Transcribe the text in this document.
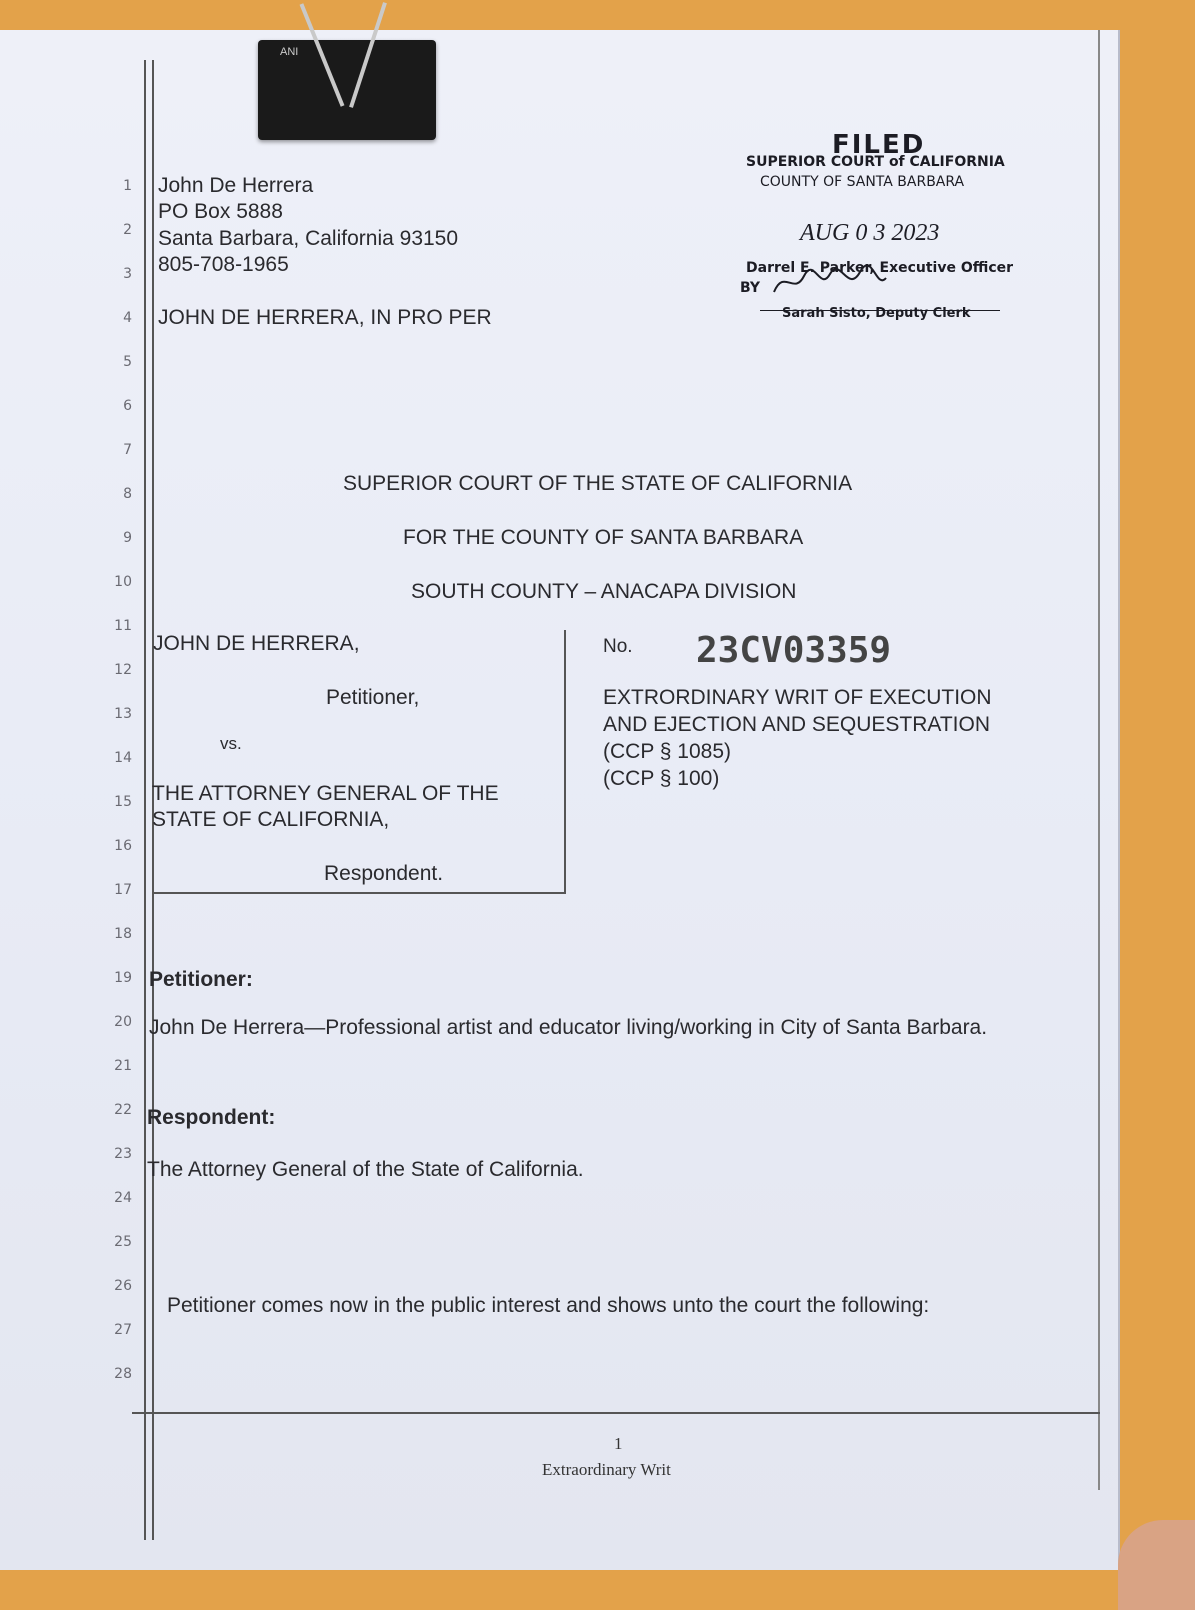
ANI
1
2
3
4
5
6
7
8
9
10
11
12
13
14
15
16
17
18
19
20
21
22
23
24
25
26
27
28
John De Herrera
PO Box 5888
Santa Barbara, California 93150
805-708-1965
JOHN DE HERRERA, IN PRO PER
FILED
SUPERIOR COURT of CALIFORNIA
COUNTY OF SANTA BARBARA
AUG 0 3 2023
Darrel E. Parker, Executive Officer
BY
Sarah Sisto, Deputy Clerk
SUPERIOR COURT OF THE STATE OF CALIFORNIA
FOR THE COUNTY OF SANTA BARBARA
SOUTH COUNTY – ANACAPA DIVISION
JOHN DE HERRERA,
Petitioner,
vs.
THE ATTORNEY GENERAL OF THE
STATE OF CALIFORNIA,
Respondent.
No. 23CV03359
EXTRORDINARY WRIT OF EXECUTION
AND EJECTION AND SEQUESTRATION
(CCP § 1085)
(CCP § 100)
Petitioner:
John De Herrera—Professional artist and educator living/working in City of Santa Barbara.
Respondent:
The Attorney General of the State of California.
Petitioner comes now in the public interest and shows unto the court the following:
1
Extraordinary Writ
